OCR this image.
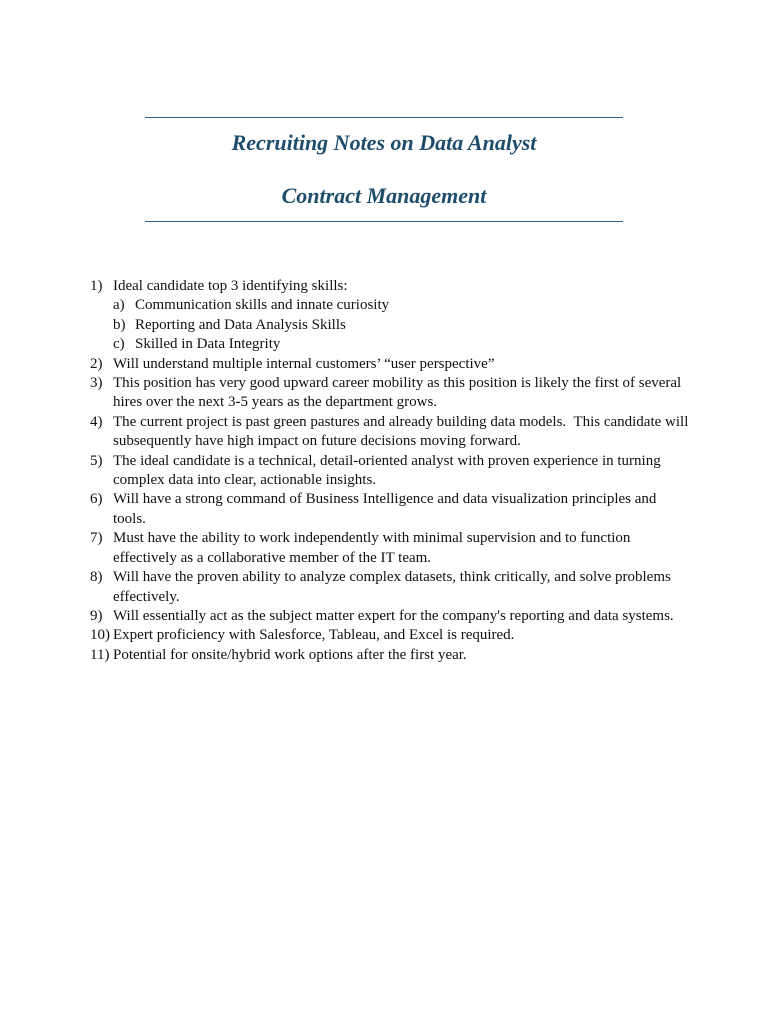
Recruiting Notes on Data Analyst
Contract Management
1) Ideal candidate top 3 identifying skills:
a) Communication skills and innate curiosity
b) Reporting and Data Analysis Skills
c) Skilled in Data Integrity
2) Will understand multiple internal customers’ “user perspective”
3) This position has very good upward career mobility as this position is likely the first of several hires over the next 3-5 years as the department grows.
4) The current project is past green pastures and already building data models.  This candidate will subsequently have high impact on future decisions moving forward.
5) The ideal candidate is a technical, detail-oriented analyst with proven experience in turning complex data into clear, actionable insights.
6) Will have a strong command of Business Intelligence and data visualization principles and tools.
7) Must have the ability to work independently with minimal supervision and to function effectively as a collaborative member of the IT team.
8) Will have the proven ability to analyze complex datasets, think critically, and solve problems effectively.
9) Will essentially act as the subject matter expert for the company's reporting and data systems.
10) Expert proficiency with Salesforce, Tableau, and Excel is required.
11) Potential for onsite/hybrid work options after the first year.
